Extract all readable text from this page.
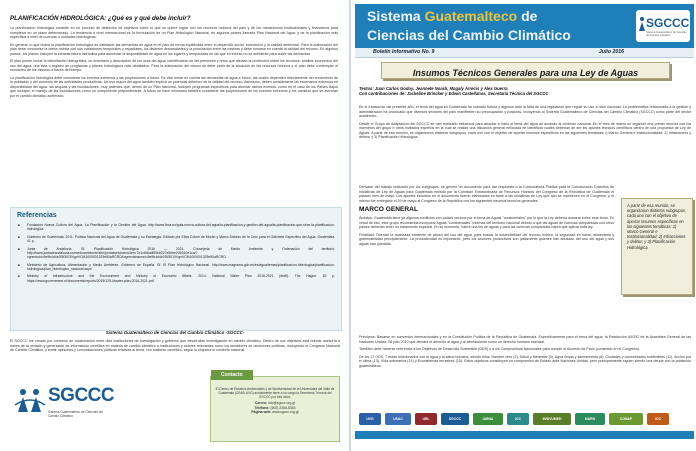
PLANIFICACIÓN HIDROLÓGICA: ¿Qué es y qué debe incluir?

La planificación hidrológica consiste en un proceso de definición de objetivos sobre lo que se quiere lograr con los recursos hídricos del país y de los mecanismos institucionales y financieros para cumplirlos en un plazo determinado. La tendencia a nivel internacional es la formulación de un Plan Hidrológico Nacional, en algunos países llamado Plan Nacional del Agua, y de la planificación más específica a nivel de cuencas o unidades hidrológicas.

En general, lo que busca la planificación hidrológica es satisfacer las demandas de agua en el país de forma equilibrada entre el desarrollo social, económico y la calidad ambiental. Para la elaboración del plan debe conocerse la oferta hídrica con sus variaciones temporales y espaciales, los distintos demandantes y la priorización entre las mismas y debe tomarse en cuenta la calidad del recurso. En algunos países, los planes incluyen la infraestructura hidráulica para aumentar la disponibilidad de agua en los lugares y temporadas en las que el recurso no es suficiente para cubrir las demandas.

El plan puede incluir la delimitación hidrográfica, un inventario y descripción de los usos del agua, identificación de las presiones y retos que afectan la protección sobre los recursos, análisis económico del uso del agua, una lista o registro de programas y planes hidrológicos más detallados. Para la elaboración del mismo se debe partir de la situación de los recursos hídricos y el plan debe contemplar el monitoreo de los mismos a través del tiempo.

La planificación hidrológica debe considerar los eventos extremos y las proyecciones a futuro. Es vital tomar en cuenta las demandas de agua a futuro, las cuales dependen directamente del crecimiento de la población y del aumento de las actividades productivas. Un uso mayor del agua también implica un potencial deterioro de la calidad del recurso. Asimismo, deben considerarse los escenarios extremos en disponibilidad del agua: las sequías y las inundaciones, muy patentes que, dentro de un Plan Nacional, incluyen programas específicos para abordar dichos eventos, como en el caso de los Países Bajos que incluyen el manejo de las inundaciones como un componente preponderante. A futuro se hace necesario también considerar las proyecciones de los eventos extremos y los cambios que se avizoran por el cambio climático acelerado.

Referencias
■ Fundación Nueva Cultura del Agua. La Planificación y la Gestión del Agua. http://www.fnca.eu/guia-nueva-cultura-del-agua/la-planificacion-y-gestion-del-agua/la-planificacion-que-sirve-la-planificacion-hidrologica
■ Gobierno de Guatemala. 2011. Política Nacional del Agua de Guatemala y su Estrategia. Editado por Elisa Colom de Morán y Marco Antonio de la Cruz para el Gabinete Específico del Agua. Guatemala. 41 p.
■ Junta de Andalucía. Sf. Planificación Hidrológica 2016 — 2021. Consejería de Medio Ambiente y Ordenación del territorio. http://www.juntadeandalucia.es/medioambiente/site/portalweb/menuitem.7e1cf46ddf59bb227a9ebe205510e1ca/?vgnextoid=8e9b4d4e2f3f3010VgnVCM1000001325e50aRCRD&vgnextchannel=8e9b4d4e2f3f3010VgnVCM1000001325e50aRCRD
■ Ministerio de Agricultura, Alimentación y Medio Ambiente, Gobierno de España. Sf. El Plan Hidrológico Nacional. http://www.magrama.gob.es/es/agua/temas/planificacion-hidrologica/planificacion-hidrologica/plan_hidrologico_nacional.aspx
■ Ministry of Infrastructure and the Environment and Ministry of Economic Affairs. 2014. National Water Plan 2016-2021 (draft). The Hague. 82 p. https://www.government.nl/documents/reports/2015/12/14/water-plan-2016-2021-pdf
Sistema Guatemalteco de Ciencias del Cambio Climático -SGCCC-

El SGCCC fue creado por convenio de colaboración entre diez instituciones de investigación y gobierno que desarrollan investigación en cambio climático. Dentro de sus objetivos está brindar asesoría a través de la revisión y generación de información científica en materia de cambio climático a instituciones y actores relevantes como los tomadores de decisiones políticas, incluyendo el Congreso Nacional de Cambio Climático, y emitir opiniones y comunicaciones públicas relativas al tema, con sustento científico, según lo requiera el contexto nacional.

SGCCC
Sistema Guatemalteco de Ciencias del Cambio Climático
Contacto
El Centro de Estudios Ambientales y de Biodiversidad de la Universidad del Valle de Guatemala (CEAB-UVG) actualmente tiene a su cargo la Secretaría Técnica del SGCCC por tres años.
Correo: info@sgccc.org.gt
Teléfono: (502) 2368-8353
Página web: www.sgccc.org.gt
Sistema Guatemalteco de
Ciencias del Cambio Climático
SGCCC
Sistema Guatemalteco de Ciencias del Cambio Climático
Boletín Informativo No. 9	Julio 2016
Insumos Técnicos Generales para una Ley de Aguas
Textos: Juan Carlos Godoy, Jeannete Noack, Magaly Arrecis y Alex Guerra
Con contribuciones de: Jackeline Brincker y Edwin Castellanos, Secretaría Técnica del SGCCC

En el transcurso del presente año, el tema del agua en Guatemala ha cobrado fuerza y algunos ante la falta de una legislación que regule su uso a nivel nacional. La problemática relacionada a la gestión y administración ha provocado que diversos sectores del país manifiesten su preocupación y posturas, incluyendo al Sistema Guatemalteco de Ciencias del Cambio Climático (SGCCC) como parte del sector académico.

Desde el Grupo de Adaptación del SGCCC se han realizado esfuerzos para abordar a inicio el tema del agua de acuerdo al contexto nacional. En el mes de marzo se organizó una primer reunión con los miembros del grupo e otros invitados expertos en la cual se realizó una discusión general enfocada en identificar cuáles deberían de ser los aportes técnicos científicos dentro de una propuesta de Ley de Aguas. A partir de esa reunión, se organizaron distintos subgrupos, cada uno con el objetivo de aportar insumos específicos en las siguientes temáticas: i) Marco General e institucionalidad; 2) Infracciones y delitos; y 3) Planificación Hidrológica.

Derivado del trabajo realizado por los subgrupos, se generó un documento para dar respuesta a la Convocatoria Pública para la Construcción Colectiva de Iniciativas de Ley de Aguas para Guatemala emitida por la Comisión Extraordinaria de Recursos Hídricos del Congreso de la República de Guatemala el pasado mes de mayo. Los aportes incluidos en el documento fueron elaborados en base a las iniciativas de Ley que aún se mantienen en el Congreso, y el mismo fue entregado el 29 de mayo al Congreso de la República con los siguientes insumos técnicos generales:

MARCO GENERAL

Ámbitos: Guatemala tiene ya algunos conflictos con países vecinos por el tema de Aguas "continentales" por lo que la Ley debería avanzar sobre este tema. En virtud de eso, este grupo recomienda incorporar Aguas "continentales" internas del territorio nacional debido a que las aguas de cuencas compartidas con otros países deberían tener un tratamiento especial. En su momento, habrá una ley de aguas y para las cuencas compartidas habrá que aplicar esta ley.

Finalidad: Orientar la avanzada existente de abuso del uso del agua, para buscar la sostenibilidad del recurso hídrico, la seguridad en salud, alimentaria y gobernabilidad principalmente. La productividad es importante, pero los sectores productivos son justamente quienes han abusado del uso del agua y sus aguas han quedado.

A partir de esa reunión, se organizaron distintos subgrupos, cada uno con el objetivo de aportar insumos específicos en las siguientes temáticas: 1) Marco General e Institucionalidad; 2) Infracciones y delitos; y 3) Planificación Hidrológica.

Principios: Basarse en convenios internacionales y en la Constitución Política de la República de Guatemala. Específicamente para el tema del agua, la Resolución 64/292 de la Asamblea General de las Naciones Unidas, 28 julio 2010 que declara el derecho al agua y al saneamiento como un derecho humano esencial.

También debe hacerse referencia a los Objetivos de Desarrollo Sostenible (ODS) y a los Compromisos Nacionales para cumplir el Acuerdo de París (contenido en el Congreso).

De los 17 ODS, 7 están relacionados con el agua y la salud humana, siendo ellos: Hambre cero (2), Salud y bienestar (3), Agua limpia y saneamiento (6), Ciudades y comunidades sostenibles (11), Acción por el clima (13), Vida submarina (14) y Ecosistemas terrestres (15). Estos objetivos constituyen un compromiso de Estado ante Naciones Unidas, pero principalmente siguen siendo una deuda con la población guatemalteca.

UVG	USAC	URL	SGCCC	IARNA	ICC	INSIVUMEH	MARN	CONAP	ICC
